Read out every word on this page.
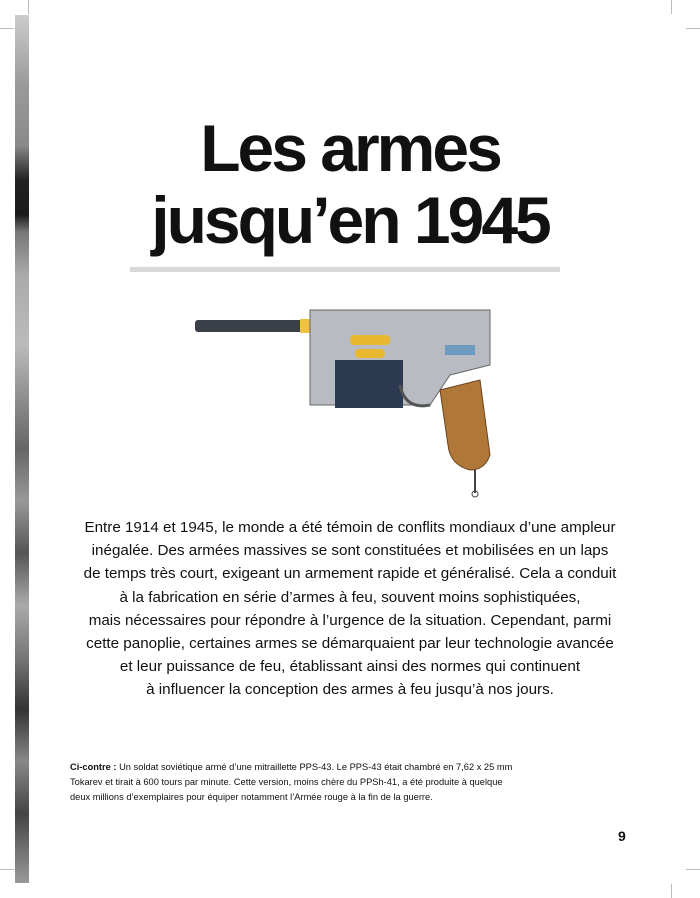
Les armes
jusqu’en 1945
Entre 1914 et 1945, le monde a été témoin de conflits mondiaux d’une ampleur
inégalée. Des armées massives se sont constituées et mobilisées en un laps
de temps très court, exigeant un armement rapide et généralisé. Cela a conduit
à la fabrication en série d’armes à feu, souvent moins sophistiquées,
mais nécessaires pour répondre à l’urgence de la situation. Cependant, parmi
cette panoplie, certaines armes se démarquaient par leur technologie avancée
et leur puissance de feu, établissant ainsi des normes qui continuent
à influencer la conception des armes à feu jusqu’à nos jours.
Ci-contre : Un soldat soviétique armé d’une mitraillette PPS-43. Le PPS-43 était chambré en 7,62 x 25 mm
Tokarev et tirait à 600 tours par minute. Cette version, moins chère du PPSh-41, a été produite à quelque
deux millions d’exemplaires pour équiper notamment l’Armée rouge à la fin de la guerre.
9
